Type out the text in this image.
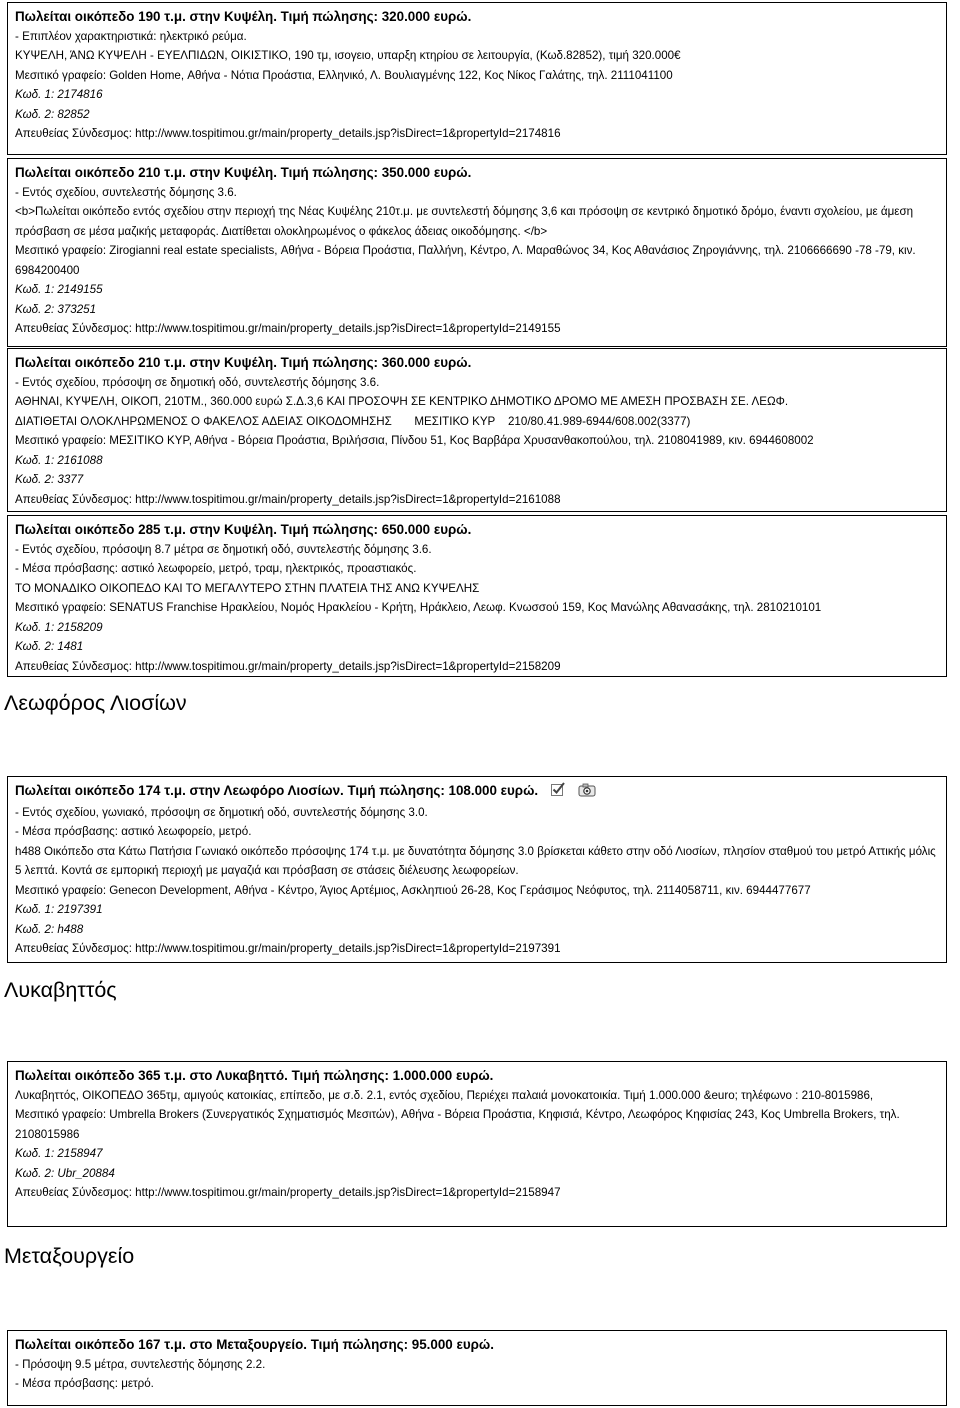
Πωλείται οικόπεδο 190 τ.μ. στην Κυψέλη. Τιμή πώλησης: 320.000 ευρώ.
- Επιπλέον χαρακτηριστικά: ηλεκτρικό ρεύμα.
ΚΥΨΕΛΗ, ΆΝΩ ΚΥΨΕΛΗ - ΕΥΕΛΠΙΔΩΝ, ΟΙΚΙΣΤΙΚΟ, 190 τμ, ισογειο, υπαρξη κτηρίου σε λειτουργία, (Κωδ.82852), τιμή 320.000€
Μεσιτικό γραφείο: Golden Home, Αθήνα - Νότια Προάστια, Ελληνικό, Λ. Βουλιαγμένης 122, Κος Νίκος Γαλάτης, τηλ. 2111041100
Κωδ. 1: 2174816
Κωδ. 2: 82852
Απευθείας Σύνδεσμος: http://www.tospitimou.gr/main/property_details.jsp?isDirect=1&propertyId=2174816
Πωλείται οικόπεδο 210 τ.μ. στην Κυψέλη. Τιμή πώλησης: 350.000 ευρώ.
- Εντός σχεδίου, συντελεστής δόμησης 3.6.
<b>Πωλείται οικόπεδο εντός σχεδίου στην περιοχή της Νέας Κυψέλης 210τ.μ. με συντελεστή δόμησης 3,6 και πρόσοψη σε κεντρικό δημοτικό δρόμο, έναντι σχολείου, με άμεση πρόσβαση σε μέσα μαζικής μεταφοράς. Διατίθεται ολοκληρωμένος ο φάκελος άδειας οικοδόμησης. </b>
Μεσιτικό γραφείο: Zirogianni real estate specialists, Αθήνα - Βόρεια Προάστια, Παλλήνη, Κέντρο, Λ. Μαραθώνος 34, Κος Αθανάσιος Ζηρογιάννης, τηλ. 2106666690 -78 -79, κιν. 6984200400
Κωδ. 1: 2149155
Κωδ. 2: 373251
Απευθείας Σύνδεσμος: http://www.tospitimou.gr/main/property_details.jsp?isDirect=1&propertyId=2149155
Πωλείται οικόπεδο 210 τ.μ. στην Κυψέλη. Τιμή πώλησης: 360.000 ευρώ.
- Εντός σχεδίου, πρόσοψη σε δημοτική οδό, συντελεστής δόμησης 3.6.
ΑΘΗΝΑΙ, ΚΥΨΕΛΗ, ΟΙΚΟΠ, 210ΤΜ., 360.000 ευρώ Σ.Δ.3,6 ΚΑΙ ΠΡΟΣΟΨΗ ΣΕ ΚΕΝΤΡΙΚΟ ΔΗΜΟΤΙΚΟ ΔΡΟΜΟ ΜΕ ΑΜΕΣΗ ΠΡΟΣΒΑΣΗ ΣΕ. ΛΕΩΦ.
ΔΙΑΤΙΘΕΤΑΙ ΟΛΟΚΛΗΡΩΜΕΝΟΣ Ο ΦΑΚΕΛΟΣ ΑΔΕΙΑΣ ΟΙΚΟΔΟΜΗΣΗΣ       ΜΕΣΙΤΙΚΟ ΚΥΡ    210/80.41.989-6944/608.002(3377)
Μεσιτικό γραφείο: ΜΕΣΙΤΙΚΟ ΚΥΡ, Αθήνα - Βόρεια Προάστια, Βριλήσσια, Πίνδου 51, Κος Βαρβάρα Χρυσανθακοπούλου, τηλ. 2108041989, κιν. 6944608002
Κωδ. 1: 2161088
Κωδ. 2: 3377
Απευθείας Σύνδεσμος: http://www.tospitimou.gr/main/property_details.jsp?isDirect=1&propertyId=2161088
Πωλείται οικόπεδο 285 τ.μ. στην Κυψέλη. Τιμή πώλησης: 650.000 ευρώ.
- Εντός σχεδίου, πρόσοψη 8.7 μέτρα σε δημοτική οδό, συντελεστής δόμησης 3.6.
- Μέσα πρόσβασης: αστικό λεωφορείο, μετρό, τραμ, ηλεκτρικός, προαστιακός.
ΤΟ ΜΟΝΑΔΙΚΟ ΟΙΚΟΠΕΔΟ ΚΑΙ ΤΟ ΜΕΓΑΛΥΤΕΡΟ ΣΤΗΝ ΠΛΑΤΕΙΑ ΤΗΣ ΑΝΩ ΚΥΨΕΛΗΣ
Μεσιτικό γραφείο: SENATUS Franchise Ηρακλείου, Νομός Ηρακλείου - Κρήτη, Ηράκλειο, Λεωφ. Κνωσσού 159, Κος Μανώλης Αθανασάκης, τηλ. 2810210101
Κωδ. 1: 2158209
Κωδ. 2: 1481
Απευθείας Σύνδεσμος: http://www.tospitimou.gr/main/property_details.jsp?isDirect=1&propertyId=2158209
Λεωφόρος Λιοσίων
Πωλείται οικόπεδο 174 τ.μ. στην Λεωφόρο Λιοσίων. Τιμή πώλησης: 108.000 ευρώ.
- Εντός σχεδίου, γωνιακό, πρόσοψη σε δημοτική οδό, συντελεστής δόμησης 3.0.
- Μέσα πρόσβασης: αστικό λεωφορείο, μετρό.
h488 Οικόπεδο στα Κάτω Πατήσια Γωνιακό οικόπεδο πρόσοψης 174 τ.μ. με δυνατότητα δόμησης 3.0 βρίσκεται κάθετο στην οδό Λιοσίων, πλησίον σταθμού του μετρό Αττικής μόλις 5 λεπτά. Κοντά σε εμπορική περιοχή με μαγαζιά και πρόσβαση σε στάσεις διέλευσης λεωφορείων.
Μεσιτικό γραφείο: Genecon Development, Αθήνα - Κέντρο, Άγιος Αρτέμιος, Ασκληπιού 26-28, Κος Γεράσιμος Νεόφυτος, τηλ. 2114058711, κιν. 6944477677
Κωδ. 1: 2197391
Κωδ. 2: h488
Απευθείας Σύνδεσμος: http://www.tospitimou.gr/main/property_details.jsp?isDirect=1&propertyId=2197391
Λυκαβηττός
Πωλείται οικόπεδο 365 τ.μ. στο Λυκαβηττό. Τιμή πώλησης: 1.000.000 ευρώ.
Λυκαβηττός, ΟΙΚΟΠΕΔΟ 365τμ, αμιγούς κατοικίας, επίπεδο, με σ.δ. 2.1, εντός σχεδίου, Περιέχει παλαιά μονοκατοικία. Τιμή 1.000.000 &euro; τηλέφωνο : 210-8015986,
Μεσιτικό γραφείο: Umbrella Brokers (Συνεργατικός Σχηματισμός Μεσιτών), Αθήνα - Βόρεια Προάστια, Κηφισιά, Κέντρο, Λεωφόρος Κηφισίας 243, Κος Umbrella Brokers, τηλ. 2108015986
Κωδ. 1: 2158947
Κωδ. 2: Ubr_20884
Απευθείας Σύνδεσμος: http://www.tospitimou.gr/main/property_details.jsp?isDirect=1&propertyId=2158947
Μεταξουργείο
Πωλείται οικόπεδο 167 τ.μ. στο Μεταξουργείο. Τιμή πώλησης: 95.000 ευρώ.
- Πρόσοψη 9.5 μέτρα, συντελεστής δόμησης 2.2.
- Μέσα πρόσβασης: μετρό.
